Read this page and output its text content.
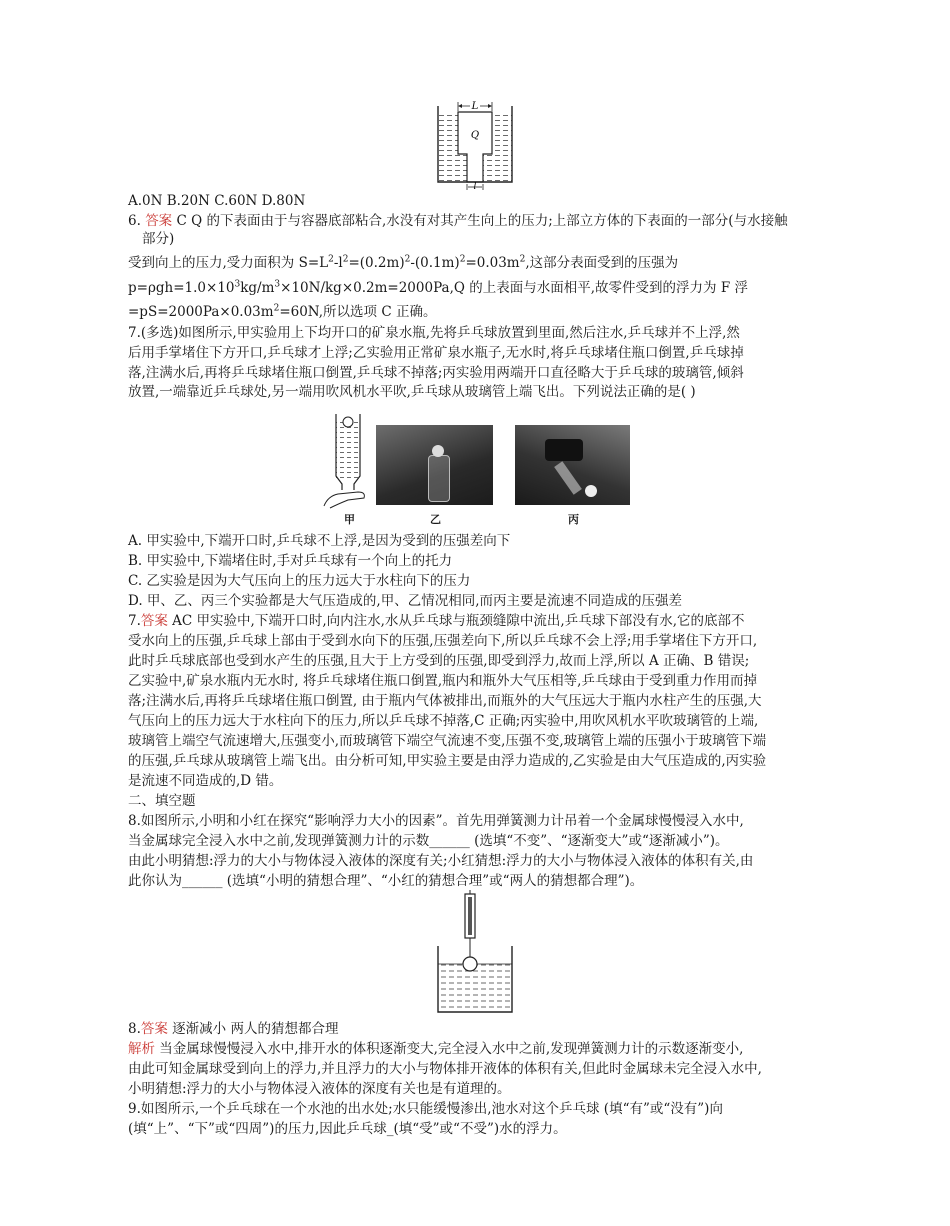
L
Q
l
A.0N B.20N C.60N D.80N
6. 答案 C Q 的下表面由于与容器底部粘合,水没有对其产生向上的压力;上部立方体的下表面的一部分(与水接触
部分)
受到向上的压力,受力面积为 $S=L^2-l^2=(0.2m)^2-(0.1m)^2=0.03m^2$,这部分表面受到的压强为
$p=\rho gh=1.0\times 10^3kg/m^3\times 10N/kg\times 0.2m=2000Pa,Q$ 的上表面与水面相平,故零件受到的浮力为 F 浮
$=pS=2000Pa\times 0.03m^2=60N$,所以选项 C 正确。
7.(多选)如图所示,甲实验用上下均开口的矿泉水瓶,先将乒乓球放置到里面,然后注水,乒乓球并不上浮,然
后用手掌堵住下方开口,乒乓球才上浮;乙实验用正常矿泉水瓶子,无水时,将乒乓球堵住瓶口倒置,乒乓球掉
落,注满水后,再将乒乓球堵住瓶口倒置,乒乓球不掉落;丙实验用两端开口直径略大于乒乓球的玻璃管,倾斜
放置,一端靠近乒乓球处,另一端用吹风机水平吹,乒乓球从玻璃管上端飞出。下列说法正确的是( )
甲	乙	丙
A. 甲实验中,下端开口时,乒乓球不上浮,是因为受到的压强差向下
B. 甲实验中,下端堵住时,手对乒乓球有一个向上的托力
C. 乙实验是因为大气压向上的压力远大于水柱向下的压力
D. 甲、乙、丙三个实验都是大气压造成的,甲、乙情况相同,而丙主要是流速不同造成的压强差
7.答案 AC 甲实验中,下端开口时,向内注水,水从乒乓球与瓶颈缝隙中流出,乒乓球下部没有水,它的底部不
受水向上的压强,乒乓球上部由于受到水向下的压强,压强差向下,所以乒乓球不会上浮;用手掌堵住下方开口,
此时乒乓球底部也受到水产生的压强,且大于上方受到的压强,即受到浮力,故而上浮,所以 A 正确、B 错误;
乙实验中,矿泉水瓶内无水时, 将乒乓球堵住瓶口倒置,瓶内和瓶外大气压相等,乒乓球由于受到重力作用而掉
落;注满水后,再将乒乓球堵住瓶口倒置, 由于瓶内气体被排出,而瓶外的大气压远大于瓶内水柱产生的压强,大
气压向上的压力远大于水柱向下的压力,所以乒乓球不掉落,C 正确;丙实验中,用吹风机水平吹玻璃管的上端,
玻璃管上端空气流速增大,压强变小,而玻璃管下端空气流速不变,压强不变,玻璃管上端的压强小于玻璃管下端
的压强,乒乓球从玻璃管上端飞出。由分析可知,甲实验主要是由浮力造成的,乙实验是由大气压造成的,丙实验
是流速不同造成的,D 错。
二、填空题
8.如图所示,小明和小红在探究“影响浮力大小的因素”。首先用弹簧测力计吊着一个金属球慢慢浸入水中,
当金属球完全浸入水中之前,发现弹簧测力计的示数______ (选填“不变”、“逐渐变大”或“逐渐减小”)。
由此小明猜想:浮力的大小与物体浸入液体的深度有关;小红猜想:浮力的大小与物体浸入液体的体积有关,由
此你认为______ (选填“小明的猜想合理”、“小红的猜想合理”或“两人的猜想都合理”)。
8.答案 逐渐减小 两人的猜想都合理
解析 当金属球慢慢浸入水中,排开水的体积逐渐变大,完全浸入水中之前,发现弹簧测力计的示数逐渐变小,
由此可知金属球受到向上的浮力,并且浮力的大小与物体排开液体的体积有关,但此时金属球未完全浸入水中,
小明猜想:浮力的大小与物体浸入液体的深度有关也是有道理的。
9.如图所示,一个乒乓球在一个水池的出水处;水只能缓慢渗出,池水对这个乒乓球 (填“有”或“没有”)向
(填“上”、“下”或“四周”)的压力,因此乒乓球_(填“受”或“不受”)水的浮力。
